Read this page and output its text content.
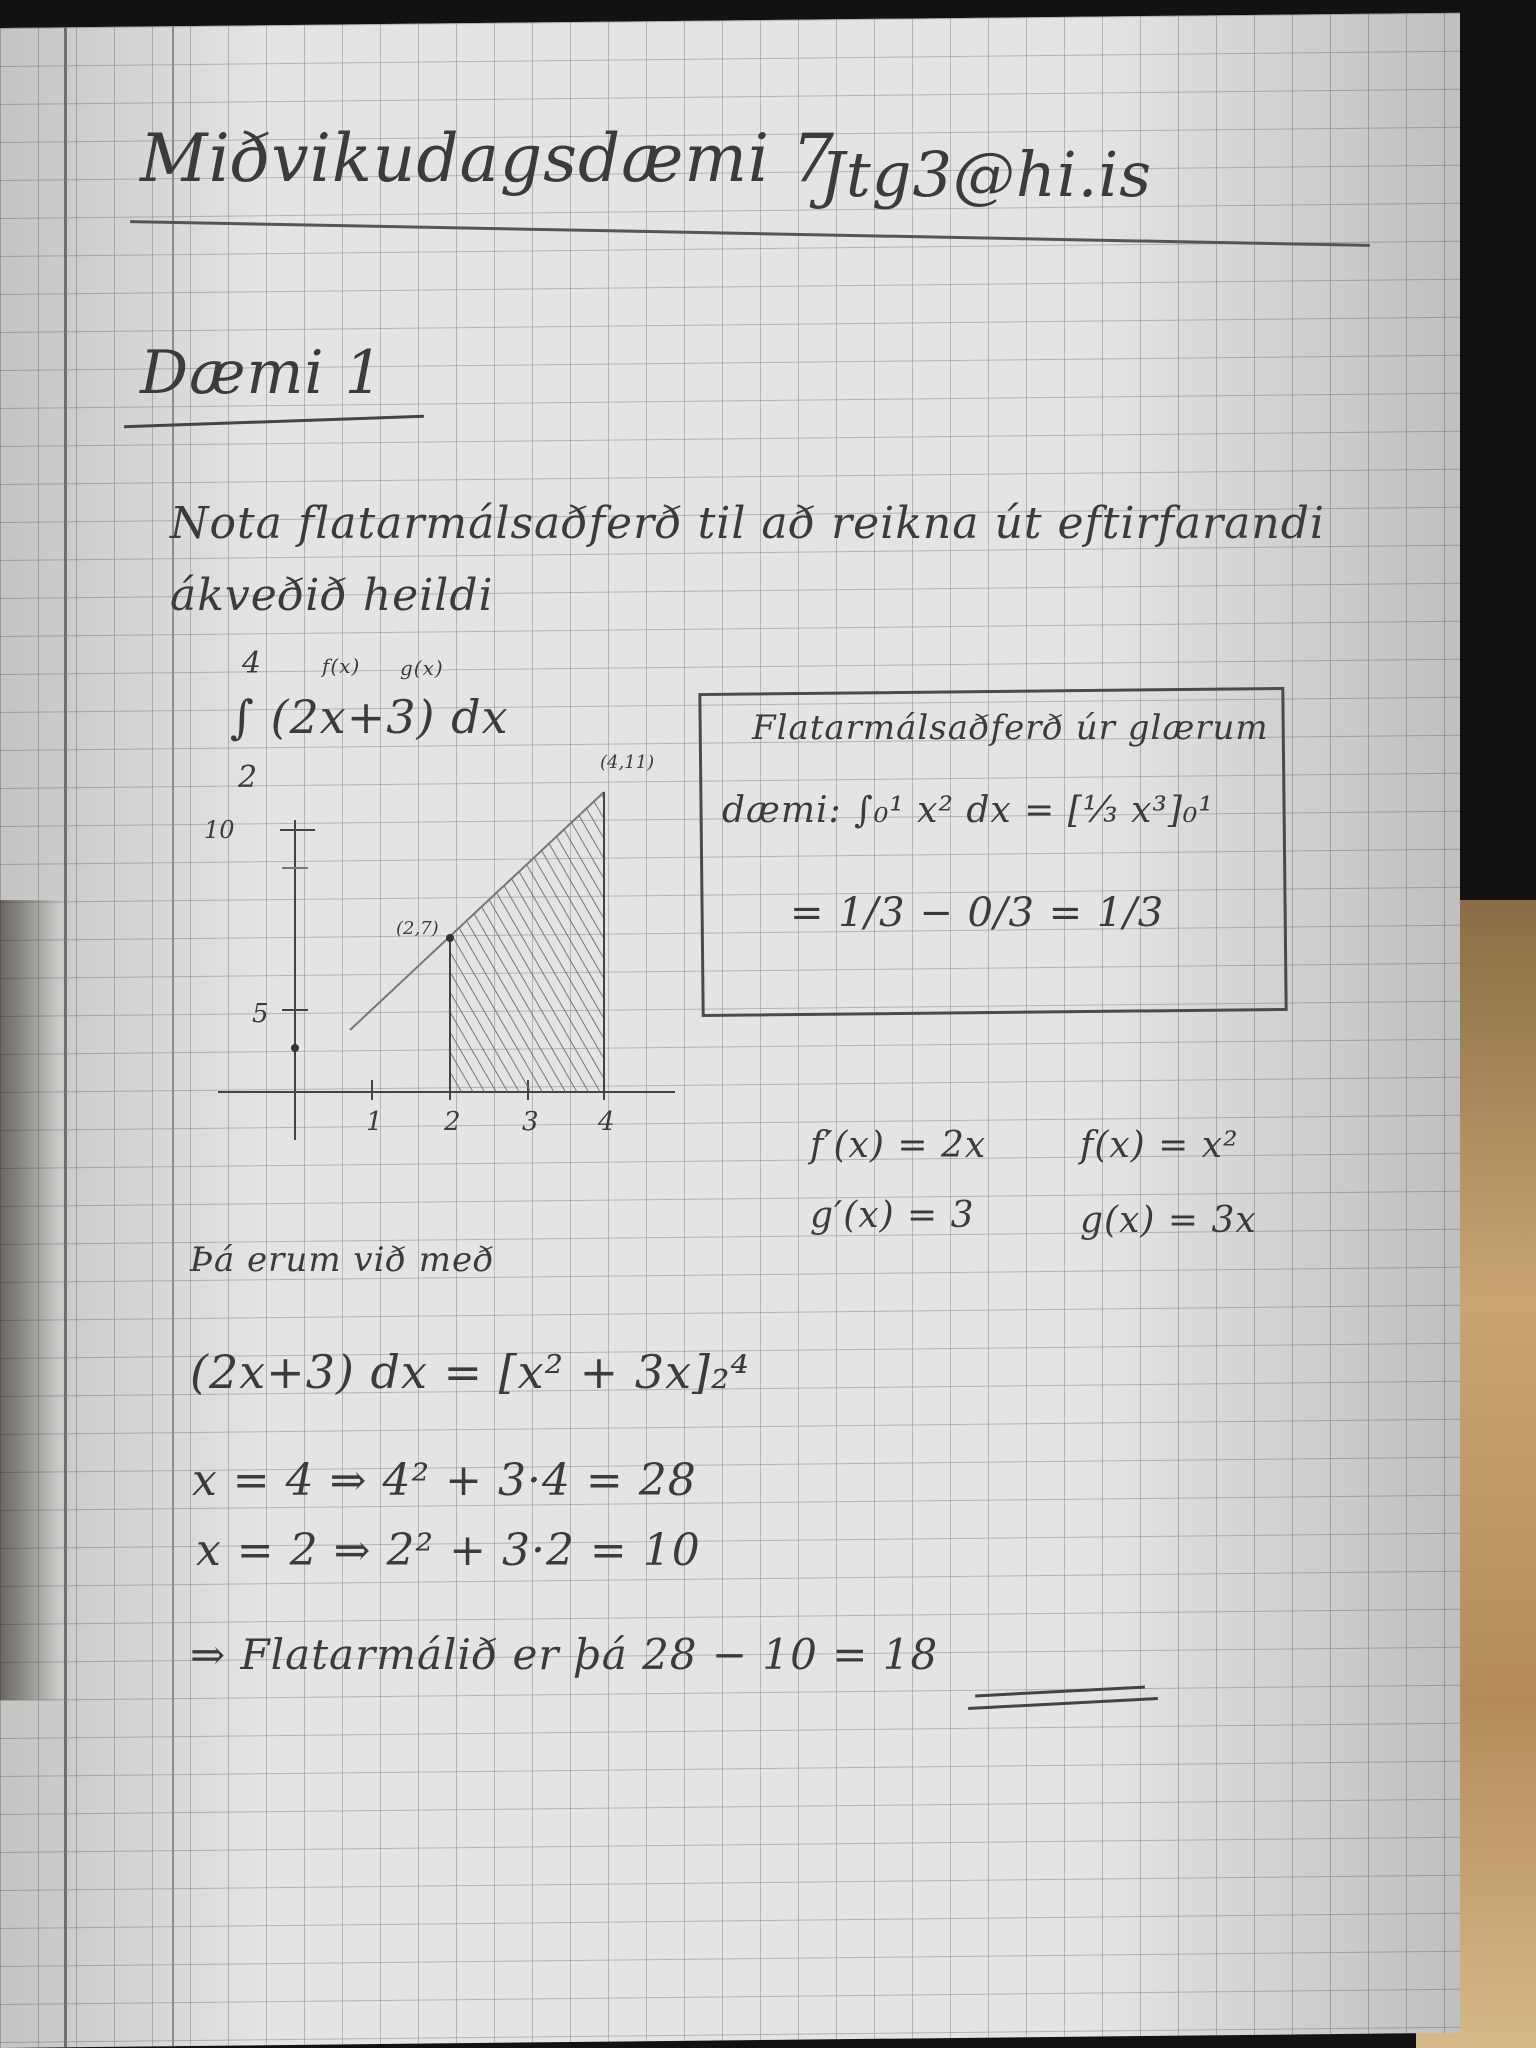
Miðvikudagsdæmi 7
Jtg3@hi.is
Dæmi 1
Nota flatarmálsaðferð til að reikna út eftirfarandi
ákveðið heildi
4	f(x) g(x)
∫ (2x+3) dx
2
10
5
1 2 3 4
(2,7)
(4,11)
Flatarmálsaðferð úr glærum
dæmi: ∫₀¹ x² dx = [⅓ x³]₀¹
= 1/3 − 0/3 = 1/3
f′(x) = 2x	f(x) = x²
g′(x) = 3	g(x) = 3x
Þá erum við með
(2x+3) dx = [x² + 3x]₂⁴
x = 4 ⇒ 4² + 3·4 = 28
x = 2 ⇒ 2² + 3·2 = 10
⇒ Flatarmálið er þá 28 − 10 = 18
